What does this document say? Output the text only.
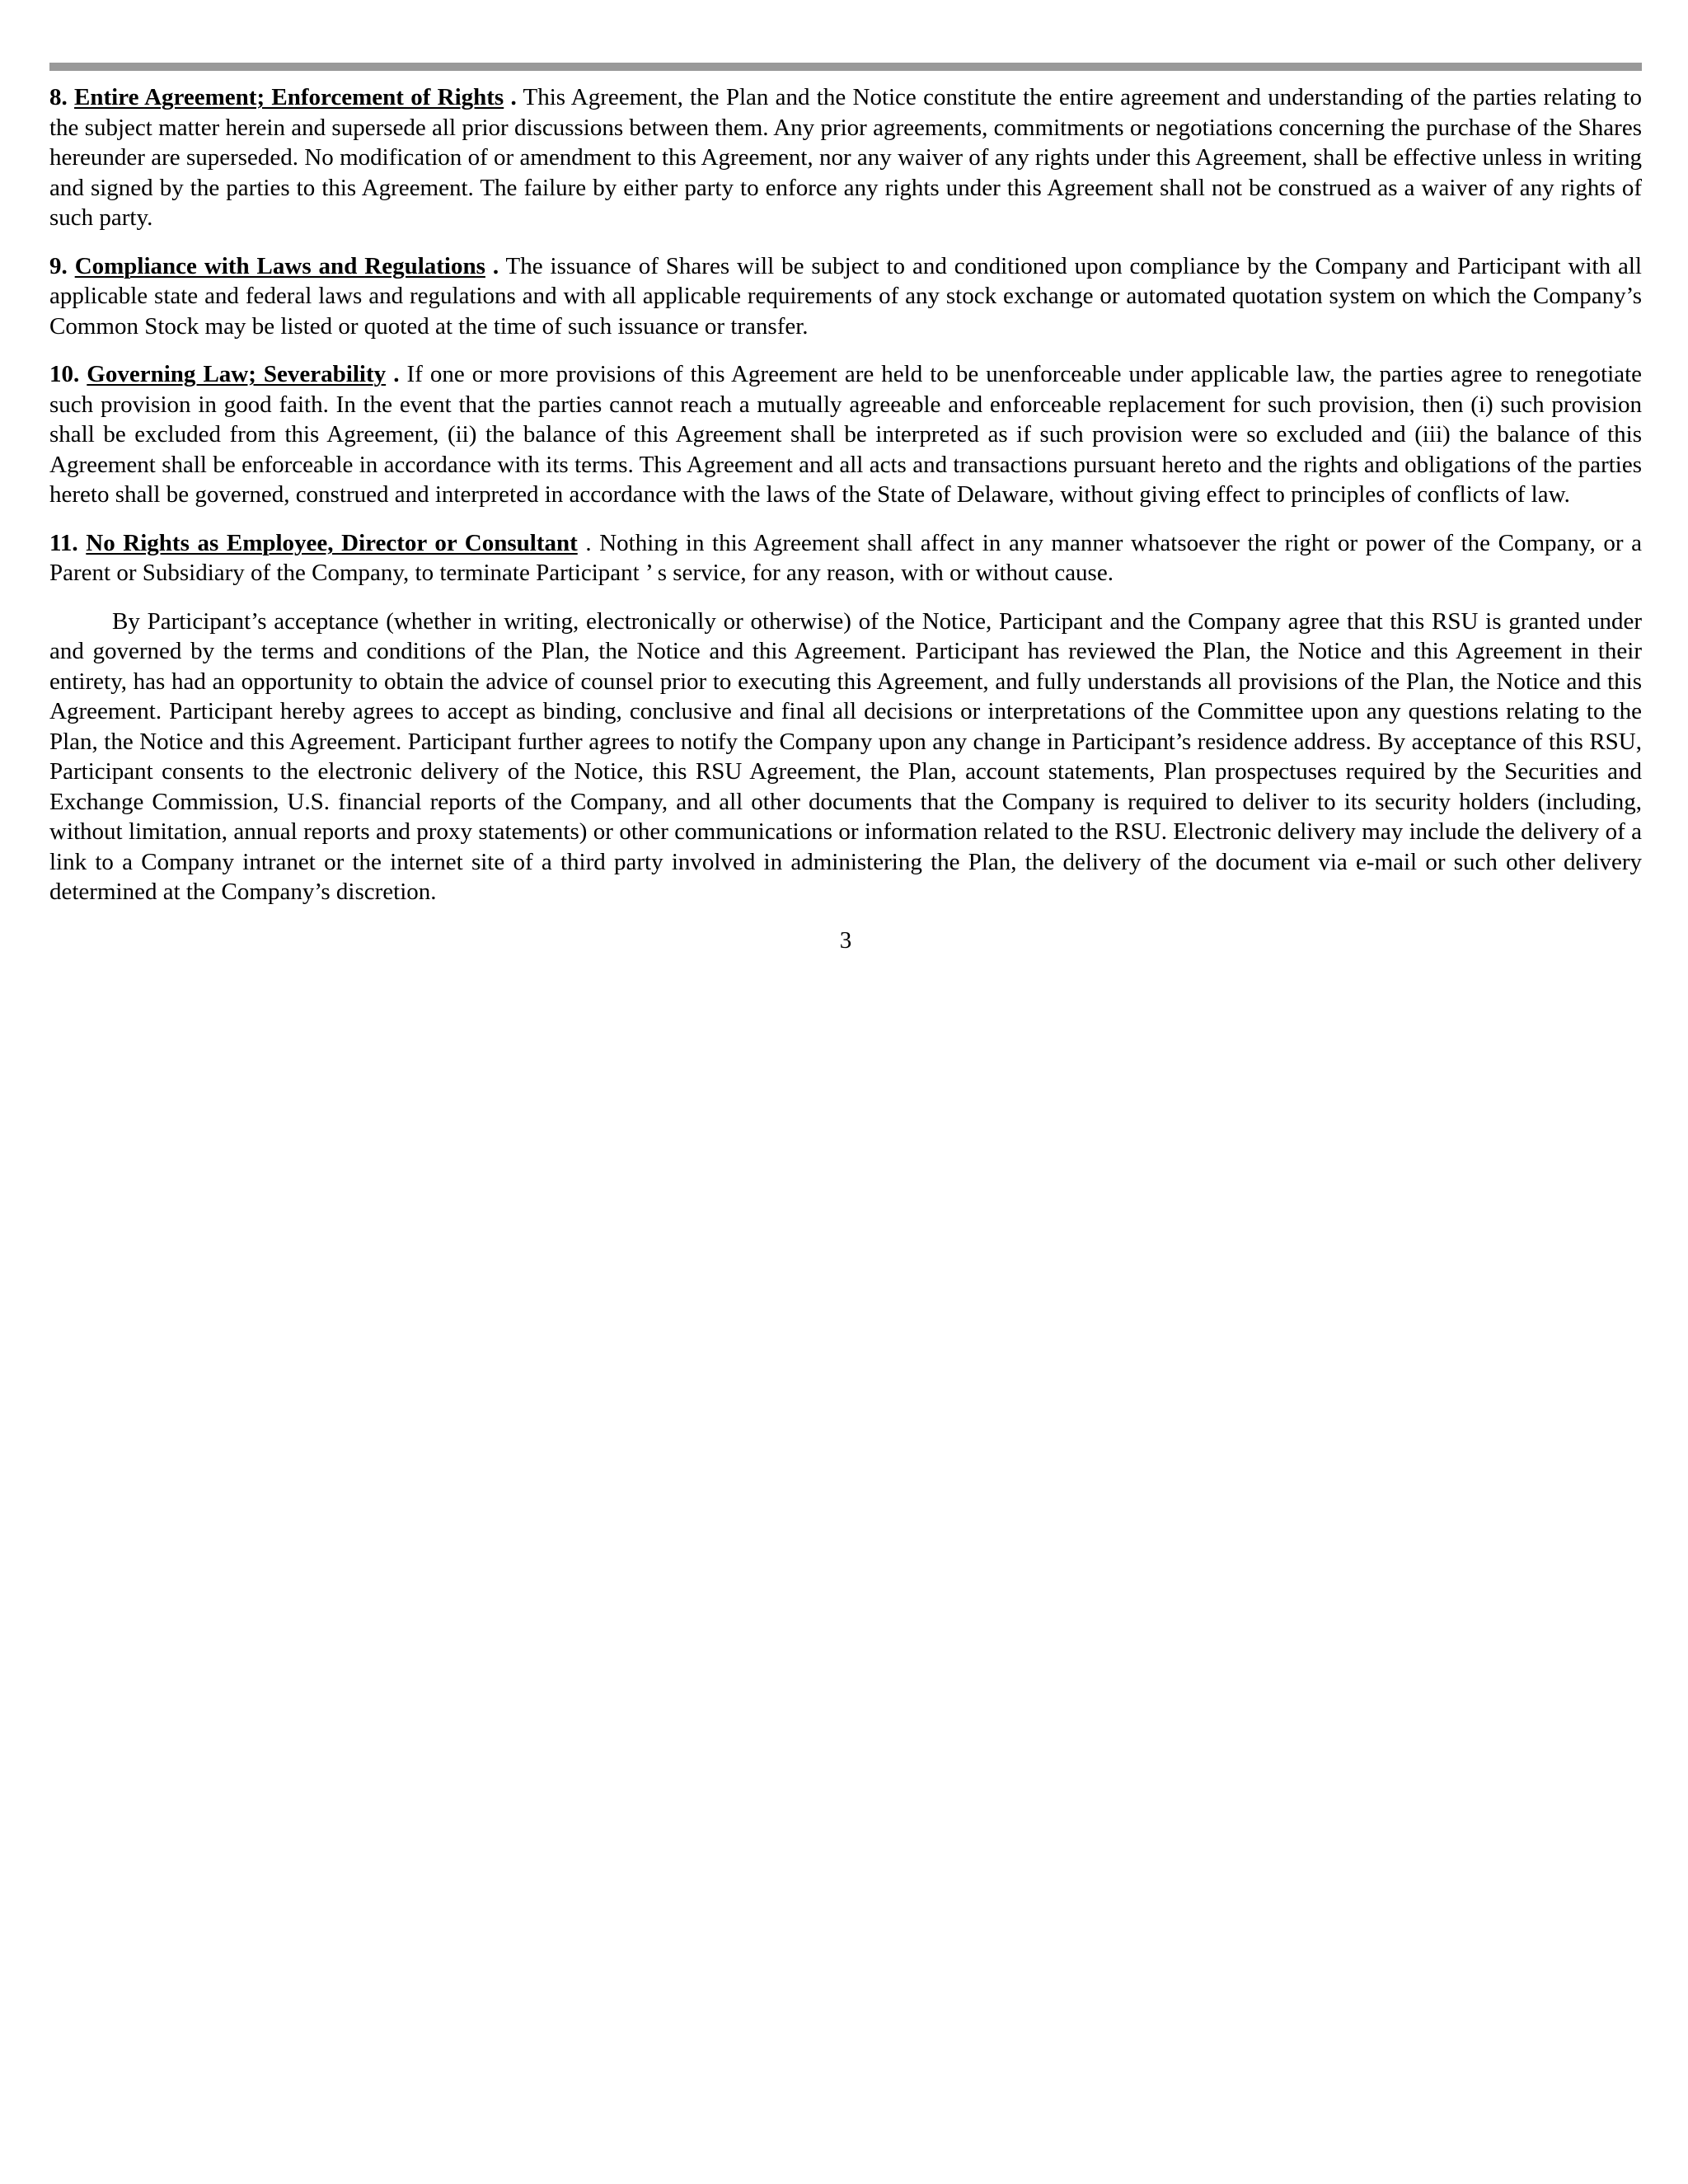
8. Entire Agreement; Enforcement of Rights . This Agreement, the Plan and the Notice constitute the entire agreement and understanding of the parties relating to the subject matter herein and supersede all prior discussions between them. Any prior agreements, commitments or negotiations concerning the purchase of the Shares hereunder are superseded. No modification of or amendment to this Agreement, nor any waiver of any rights under this Agreement, shall be effective unless in writing and signed by the parties to this Agreement. The failure by either party to enforce any rights under this Agreement shall not be construed as a waiver of any rights of such party.

9. Compliance with Laws and Regulations . The issuance of Shares will be subject to and conditioned upon compliance by the Company and Participant with all applicable state and federal laws and regulations and with all applicable requirements of any stock exchange or automated quotation system on which the Company’s Common Stock may be listed or quoted at the time of such issuance or transfer.

10. Governing Law; Severability . If one or more provisions of this Agreement are held to be unenforceable under applicable law, the parties agree to renegotiate such provision in good faith. In the event that the parties cannot reach a mutually agreeable and enforceable replacement for such provision, then (i) such provision shall be excluded from this Agreement, (ii) the balance of this Agreement shall be interpreted as if such provision were so excluded and (iii) the balance of this Agreement shall be enforceable in accordance with its terms. This Agreement and all acts and transactions pursuant hereto and the rights and obligations of the parties hereto shall be governed, construed and interpreted in accordance with the laws of the State of Delaware, without giving effect to principles of conflicts of law.

11. No Rights as Employee, Director or Consultant . Nothing in this Agreement shall affect in any manner whatsoever the right or power of the Company, or a Parent or Subsidiary of the Company, to terminate Participant ’ s service, for any reason, with or without cause.

By Participant’s acceptance (whether in writing, electronically or otherwise) of the Notice, Participant and the Company agree that this RSU is granted under and governed by the terms and conditions of the Plan, the Notice and this Agreement. Participant has reviewed the Plan, the Notice and this Agreement in their entirety, has had an opportunity to obtain the advice of counsel prior to executing this Agreement, and fully understands all provisions of the Plan, the Notice and this Agreement. Participant hereby agrees to accept as binding, conclusive and final all decisions or interpretations of the Committee upon any questions relating to the Plan, the Notice and this Agreement. Participant further agrees to notify the Company upon any change in Participant’s residence address. By acceptance of this RSU, Participant consents to the electronic delivery of the Notice, this RSU Agreement, the Plan, account statements, Plan prospectuses required by the Securities and Exchange Commission, U.S. financial reports of the Company, and all other documents that the Company is required to deliver to its security holders (including, without limitation, annual reports and proxy statements) or other communications or information related to the RSU. Electronic delivery may include the delivery of a link to a Company intranet or the internet site of a third party involved in administering the Plan, the delivery of the document via e-mail or such other delivery determined at the Company’s discretion.

3
